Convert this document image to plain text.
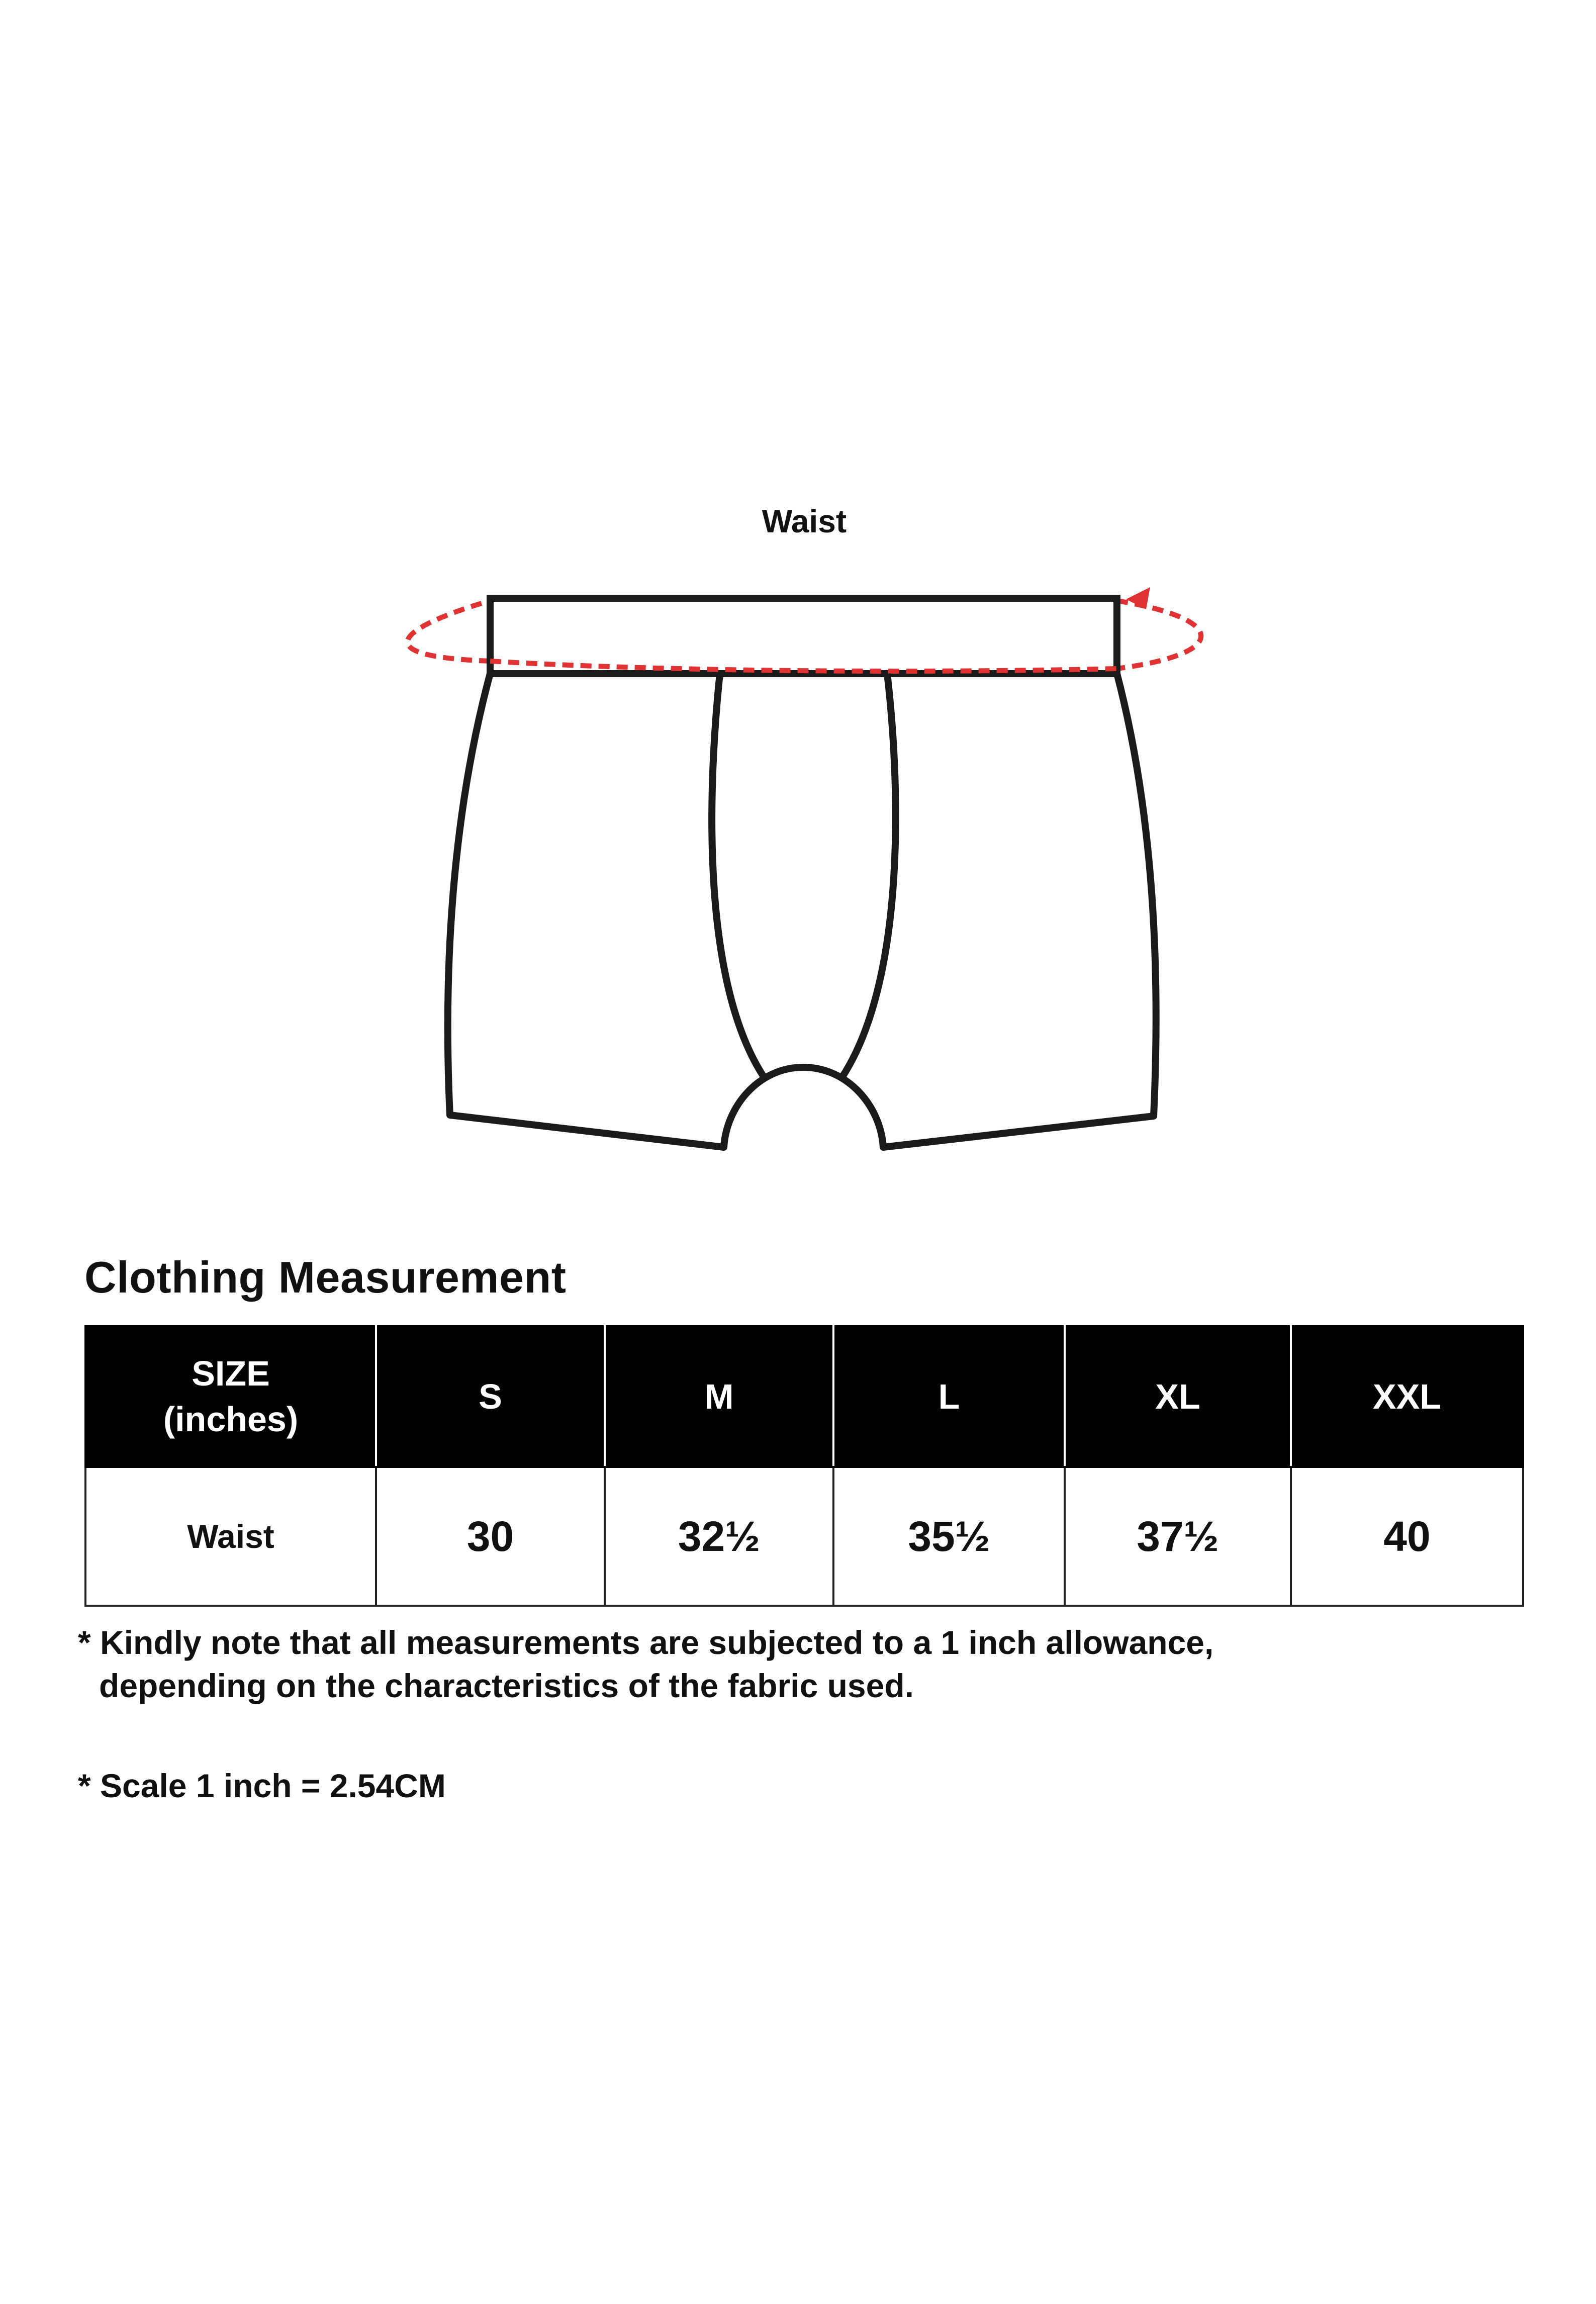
Waist
Clothing Measurement
SIZE
(inches)	S	M	L	XL	XXL
Waist	30	32½	35½	37½	40
* Kindly note that all measurements are subjected to a 1 inch allowance,
depending on the characteristics of the fabric used.
* Scale 1 inch = 2.54CM
